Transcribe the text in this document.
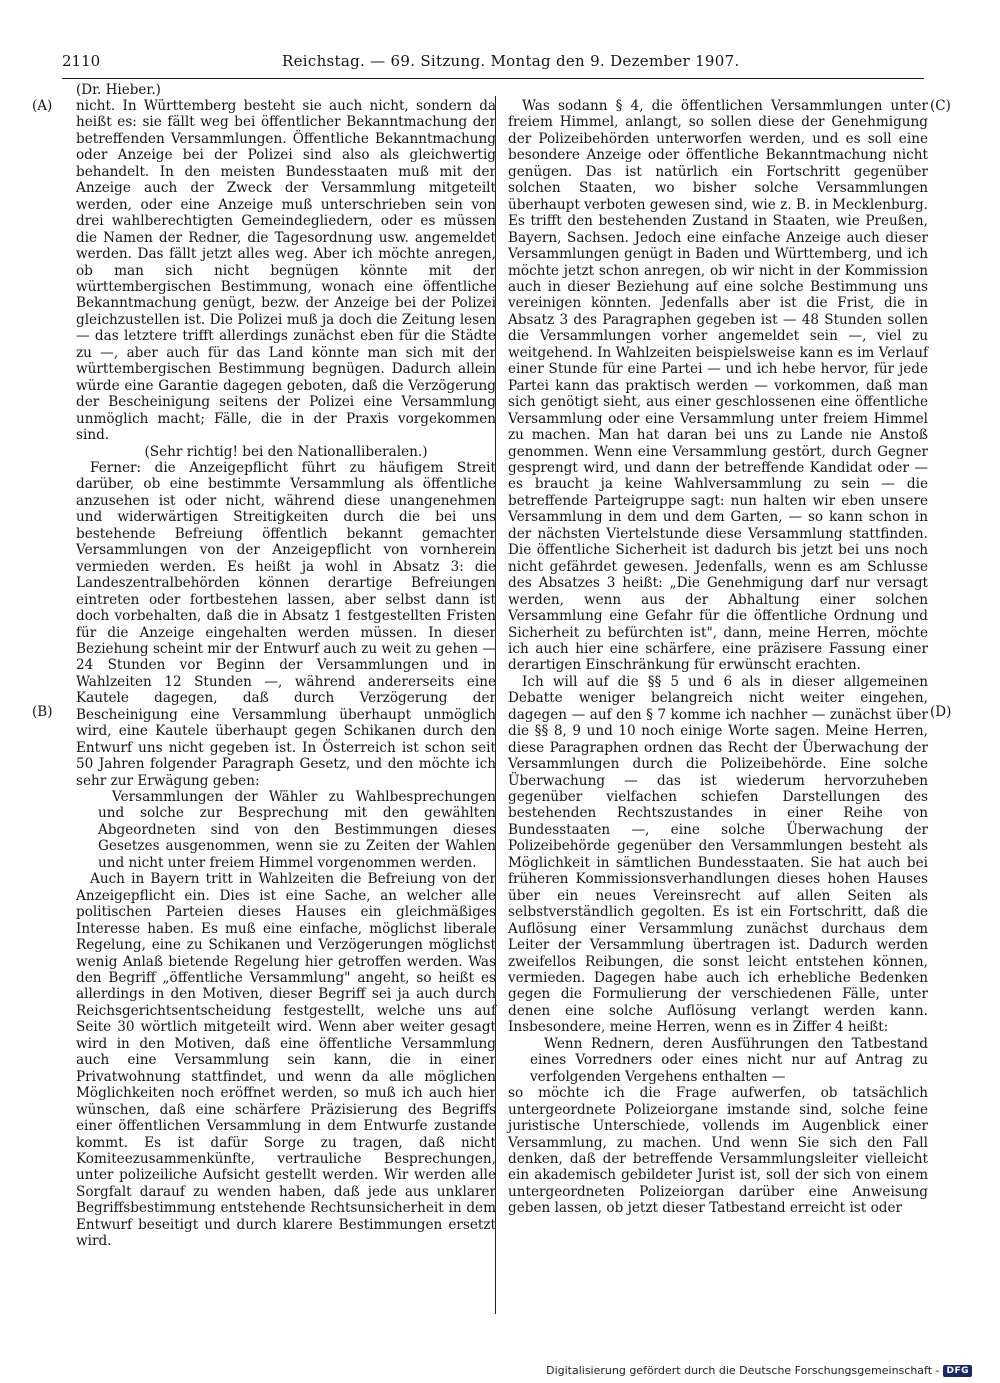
2110	Reichstag. — 69. Sitzung. Montag den 9. Dezember 1907.
(Dr. Hieber.)
(A)
(B)
(C)
(D)

nicht. In Württemberg besteht sie auch nicht, sondern da heißt es: sie fällt weg bei öffentlicher Bekanntmachung der betreffenden Versammlungen. Öffentliche Bekanntmachung oder Anzeige bei der Polizei sind also als gleichwertig behandelt. In den meisten Bundesstaaten muß mit der Anzeige auch der Zweck der Versammlung mitgeteilt werden, oder eine Anzeige muß unterschrieben sein von drei wahlberechtigten Gemeindegliedern, oder es müssen die Namen der Redner, die Tagesordnung usw. angemeldet werden. Das fällt jetzt alles weg. Aber ich möchte anregen, ob man sich nicht begnügen könnte mit der württembergischen Bestimmung, wonach eine öffentliche Bekanntmachung genügt, bezw. der Anzeige bei der Polizei gleichzustellen ist. Die Polizei muß ja doch die Zeitung lesen — das letztere trifft allerdings zunächst eben für die Städte zu —, aber auch für das Land könnte man sich mit der württembergischen Bestimmung begnügen. Dadurch allein würde eine Garantie dagegen geboten, daß die Verzögerung der Bescheinigung seitens der Polizei eine Versammlung unmöglich macht; Fälle, die in der Praxis vorgekommen sind.

(Sehr richtig! bei den Nationalliberalen.)

Ferner: die Anzeigepflicht führt zu häufigem Streit darüber, ob eine bestimmte Versammlung als öffentliche anzusehen ist oder nicht, während diese unangenehmen und widerwärtigen Streitigkeiten durch die bei uns bestehende Befreiung öffentlich bekannt gemachter Versammlungen von der Anzeigepflicht von vornherein vermieden werden. Es heißt ja wohl in Absatz 3: die Landeszentralbehörden können derartige Befreiungen eintreten oder fortbestehen lassen, aber selbst dann ist doch vorbehalten, daß die in Absatz 1 festgestellten Fristen für die Anzeige eingehalten werden müssen. In dieser Beziehung scheint mir der Entwurf auch zu weit zu gehen — 24 Stunden vor Beginn der Versammlungen und in Wahlzeiten 12 Stunden —, während andererseits eine Kautele dagegen, daß durch Verzögerung der Bescheinigung eine Versammlung überhaupt unmöglich wird, eine Kautele überhaupt gegen Schikanen durch den Entwurf uns nicht gegeben ist. In Österreich ist schon seit 50 Jahren folgender Paragraph Gesetz, und den möchte ich sehr zur Erwägung geben:

Versammlungen der Wähler zu Wahlbesprechungen und solche zur Besprechung mit den gewählten Abgeordneten sind von den Bestimmungen dieses Gesetzes ausgenommen, wenn sie zu Zeiten der Wahlen und nicht unter freiem Himmel vorgenommen werden.

Auch in Bayern tritt in Wahlzeiten die Befreiung von der Anzeigepflicht ein. Dies ist eine Sache, an welcher alle politischen Parteien dieses Hauses ein gleichmäßiges Interesse haben. Es muß eine einfache, möglichst liberale Regelung, eine zu Schikanen und Verzögerungen möglichst wenig Anlaß bietende Regelung hier getroffen werden. Was den Begriff „öffentliche Versammlung" angeht, so heißt es allerdings in den Motiven, dieser Begriff sei ja auch durch Reichsgerichtsentscheidung festgestellt, welche uns auf Seite 30 wörtlich mitgeteilt wird. Wenn aber weiter gesagt wird in den Motiven, daß eine öffentliche Versammlung auch eine Versammlung sein kann, die in einer Privatwohnung stattfindet, und wenn da alle möglichen Möglichkeiten noch eröffnet werden, so muß ich auch hier wünschen, daß eine schärfere Präzisierung des Begriffs einer öffentlichen Versammlung in dem Entwurfe zustande kommt. Es ist dafür Sorge zu tragen, daß nicht Komiteezusammenkünfte, vertrauliche Besprechungen, unter polizeiliche Aufsicht gestellt werden. Wir werden alle Sorgfalt darauf zu wenden haben, daß jede aus unklarer Begriffsbestimmung entstehende Rechtsunsicherheit in dem Entwurf beseitigt und durch klarere Bestimmungen ersetzt wird.

Was sodann § 4, die öffentlichen Versammlungen unter freiem Himmel, anlangt, so sollen diese der Genehmigung der Polizeibehörden unterworfen werden, und es soll eine besondere Anzeige oder öffentliche Bekanntmachung nicht genügen. Das ist natürlich ein Fortschritt gegenüber solchen Staaten, wo bisher solche Versammlungen überhaupt verboten gewesen sind, wie z. B. in Mecklenburg. Es trifft den bestehenden Zustand in Staaten, wie Preußen, Bayern, Sachsen. Jedoch eine einfache Anzeige auch dieser Versammlungen genügt in Baden und Württemberg, und ich möchte jetzt schon anregen, ob wir nicht in der Kommission auch in dieser Beziehung auf eine solche Bestimmung uns vereinigen könnten. Jedenfalls aber ist die Frist, die in Absatz 3 des Paragraphen gegeben ist — 48 Stunden sollen die Versammlungen vorher angemeldet sein —, viel zu weitgehend. In Wahlzeiten beispielsweise kann es im Verlauf einer Stunde für eine Partei — und ich hebe hervor, für jede Partei kann das praktisch werden — vorkommen, daß man sich genötigt sieht, aus einer geschlossenen eine öffentliche Versammlung oder eine Versammlung unter freiem Himmel zu machen. Man hat daran bei uns zu Lande nie Anstoß genommen. Wenn eine Versammlung gestört, durch Gegner gesprengt wird, und dann der betreffende Kandidat oder — es braucht ja keine Wahlversammlung zu sein — die betreffende Parteigruppe sagt: nun halten wir eben unsere Versammlung in dem und dem Garten, — so kann schon in der nächsten Viertelstunde diese Versammlung stattfinden. Die öffentliche Sicherheit ist dadurch bis jetzt bei uns noch nicht gefährdet gewesen. Jedenfalls, wenn es am Schlusse des Absatzes 3 heißt: „Die Genehmigung darf nur versagt werden, wenn aus der Abhaltung einer solchen Versammlung eine Gefahr für die öffentliche Ordnung und Sicherheit zu befürchten ist", dann, meine Herren, möchte ich auch hier eine schärfere, eine präzisere Fassung einer derartigen Einschränkung für erwünscht erachten.

Ich will auf die §§ 5 und 6 als in dieser allgemeinen Debatte weniger belangreich nicht weiter eingehen, dagegen — auf den § 7 komme ich nachher — zunächst über die §§ 8, 9 und 10 noch einige Worte sagen. Meine Herren, diese Paragraphen ordnen das Recht der Überwachung der Versammlungen durch die Polizeibehörde. Eine solche Überwachung — das ist wiederum hervorzuheben gegenüber vielfachen schiefen Darstellungen des bestehenden Rechtszustandes in einer Reihe von Bundesstaaten —, eine solche Überwachung der Polizeibehörde gegenüber den Versammlungen besteht als Möglichkeit in sämtlichen Bundesstaaten. Sie hat auch bei früheren Kommissionsverhandlungen dieses hohen Hauses über ein neues Vereinsrecht auf allen Seiten als selbstverständlich gegolten. Es ist ein Fortschritt, daß die Auflösung einer Versammlung zunächst durchaus dem Leiter der Versammlung übertragen ist. Dadurch werden zweifellos Reibungen, die sonst leicht entstehen können, vermieden. Dagegen habe auch ich erhebliche Bedenken gegen die Formulierung der verschiedenen Fälle, unter denen eine solche Auflösung verlangt werden kann. Insbesondere, meine Herren, wenn es in Ziffer 4 heißt:

Wenn Rednern, deren Ausführungen den Tatbestand eines Vorredners oder eines nicht nur auf Antrag zu verfolgenden Vergehens enthalten —

so möchte ich die Frage aufwerfen, ob tatsächlich untergeordnete Polizeiorgane imstande sind, solche feine juristische Unterschiede, vollends im Augenblick einer Versammlung, zu machen. Und wenn Sie sich den Fall denken, daß der betreffende Versammlungsleiter vielleicht ein akademisch gebildeter Jurist ist, soll der sich von einem untergeordneten Polizeiorgan darüber eine Anweisung geben lassen, ob jetzt dieser Tatbestand erreicht ist oder

Digitalisierung gefördert durch die Deutsche Forschungsgemeinschaft - DFG
